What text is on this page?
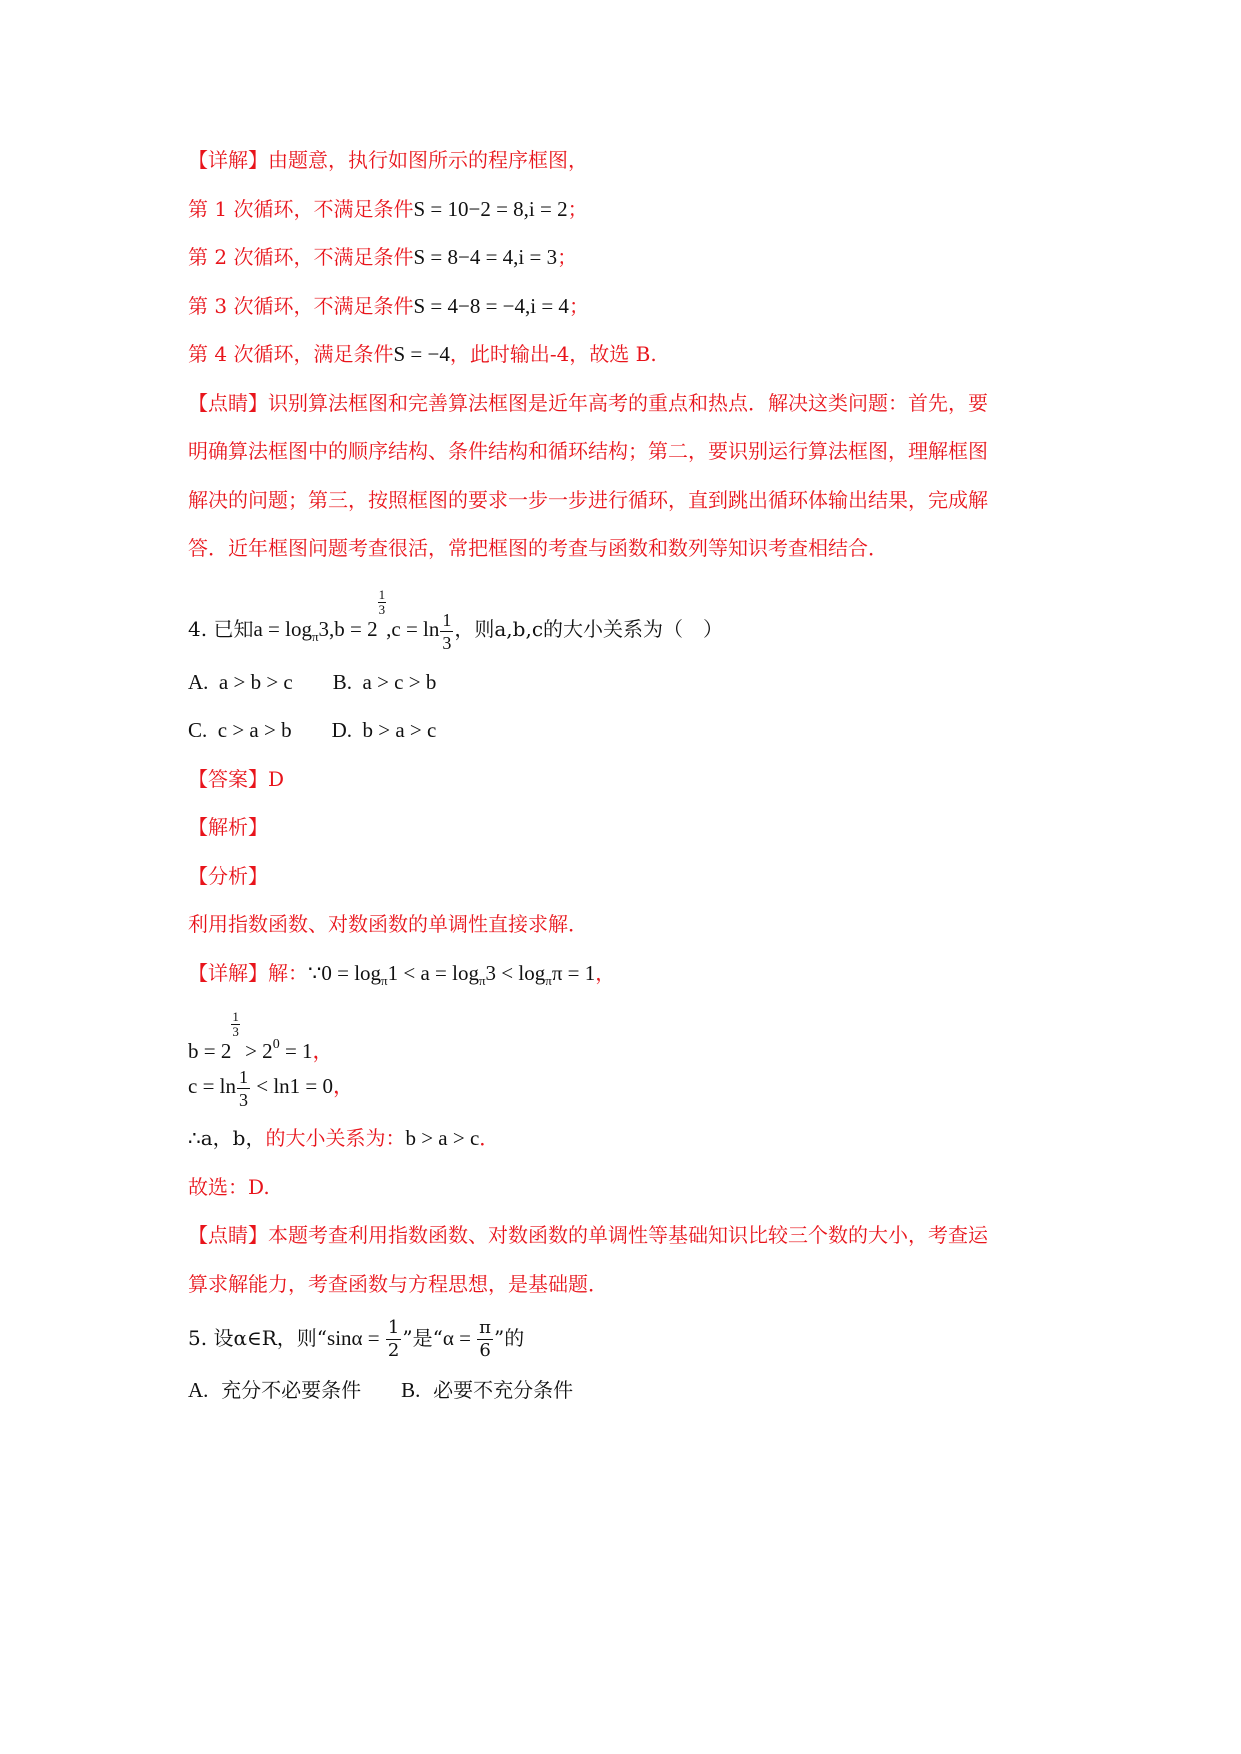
【详解】由题意，执行如图所示的程序框图，
第 1 次循环，不满足条件S = 10−2 = 8,i = 2；
第 2 次循环，不满足条件S = 8−4 = 4,i = 3；
第 3 次循环，不满足条件S = 4−8 = −4,i = 4；
第 4 次循环，满足条件S = −4，此时输出-4，故选 B.
【点睛】识别算法框图和完善算法框图是近年高考的重点和热点．解决这类问题：首先，要
明确算法框图中的顺序结构、条件结构和循环结构；第二，要识别运行算法框图，理解框图
解决的问题；第三，按照框图的要求一步一步进行循环，直到跳出循环体输出结果，完成解
答．近年框图问题考查很活，常把框图的考查与函数和数列等知识考查相结合．
4. 已知$a = \log_\pi 3,b = 2$
$\frac{1}{3}$
$,c = \ln \frac{1}{3}$ ，则a,b,c的大小关系为（　）
A. a > b > c B. a > c > b
C. c > a > b D. b > a > c
【答案】D
【解析】
【分析】
利用指数函数、对数函数的单调性直接求解．
【详解】解：∵0 = $\log_\pi 1 < a = \log_\pi 3 < \log_\pi\pi = 1$，
b = 2
$\frac{1}{3}$
> $2^0 = 1$，
$c = \ln \frac{1}{3} < \ln 1 = 0$，
∴a，b，的大小关系为：b > a > c．
故选：D.
【点睛】本题考查利用指数函数、对数函数的单调性等基础知识比较三个数的大小，考查运
算求解能力，考查函数与方程思想，是基础题．
5. 设α∈R，则“$\sin\alpha = \frac{1}{2}$ ”是“$\alpha = \frac{\pi}{6}$ ”的
A. 充分不必要条件 B. 必要不充分条件
